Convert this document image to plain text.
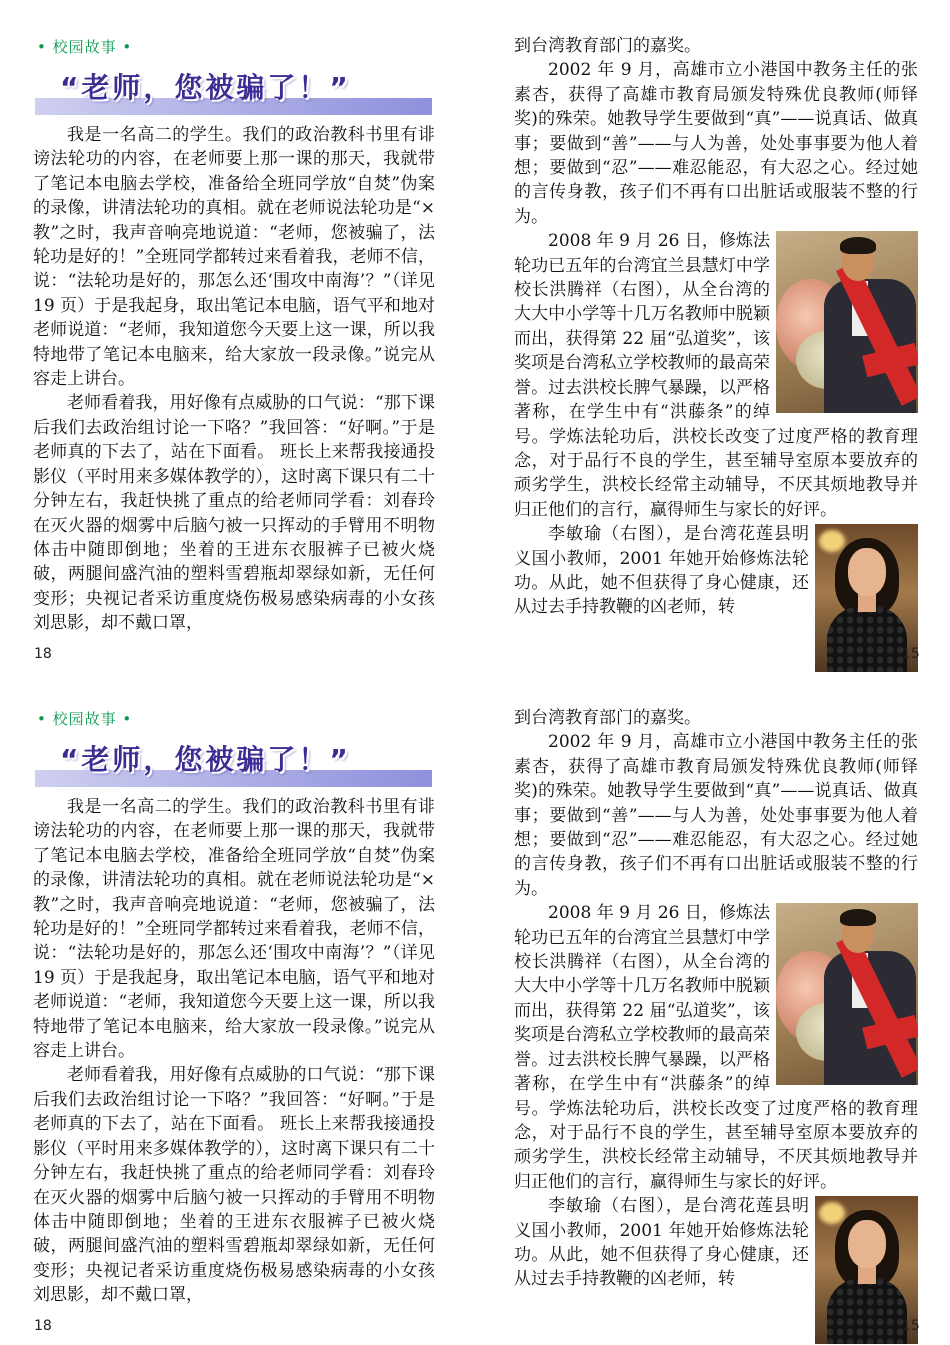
• 校园故事 •
“老师，您被骗了！”

我是一名高二的学生。我们的政治教科书里有诽谤法轮功的内容，在老师要上那一课的那天，我就带了笔记本电脑去学校，准备给全班同学放“自焚”伪案的录像，讲清法轮功的真相。就在老师说法轮功是“×教”之时，我声音响亮地说道：“老师，您被骗了，法轮功是好的！”全班同学都转过来看着我，老师不信，说：“法轮功是好的，那怎么还‘围攻中南海’？”（详见 19 页）于是我起身，取出笔记本电脑，语气平和地对老师说道：“老师，我知道您今天要上这一课，所以我特地带了笔记本电脑来，给大家放一段录像。”说完从容走上讲台。

老师看着我，用好像有点威胁的口气说：“那下课后我们去政治组讨论一下咯？”我回答：“好啊。”于是老师真的下去了，站在下面看。 班长上来帮我接通投影仪（平时用来多媒体教学的），这时离下课只有二十分钟左右，我赶快挑了重点的给老师同学看：刘春玲在灭火器的烟雾中后脑勺被一只挥动的手臂用不明物体击中随即倒地；坐着的王进东衣服裤子已被火烧破，两腿间盛汽油的塑料雪碧瓶却翠绿如新，无任何变形；央视记者采访重度烧伤极易感染病毒的小女孩刘思影，却不戴口罩，

到台湾教育部门的嘉奖。

2002 年 9 月，高雄市立小港国中教务主任的张素杏，获得了高雄市教育局颁发特殊优良教师(师铎奖)的殊荣。她教导学生要做到“真”——说真话、做真事；要做到“善”——与人为善，处处事事要为他人着想；要做到“忍”——难忍能忍，有大忍之心。经过她的言传身教，孩子们不再有口出脏话或服装不整的行为。

2008 年 9 月 26 日，修炼法轮功已五年的台湾宜兰县慧灯中学校长洪腾祥（右图），从全台湾的大大中小学等十几万名教师中脱颖而出，获得第 22 届“弘道奖”，该奖项是台湾私立学校教师的最高荣誉。过去洪校长脾气暴躁，以严格著称，在学生中有“洪藤条”的绰号。学炼法轮功后，洪校长改变了过度严格的教育理念，对于品行不良的学生，甚至辅导室原本要放弃的顽劣学生，洪校长经常主动辅导，不厌其烦地教导并归正他们的言行，赢得师生与家长的好评。

李敏瑜（右图），是台湾花莲县明义国小教师，2001 年她开始修炼法轮功。从此，她不但获得了身心健康，还从过去手持教鞭的凶老师，转

18	15
• 校园故事 •
“老师，您被骗了！”

我是一名高二的学生。我们的政治教科书里有诽谤法轮功的内容，在老师要上那一课的那天，我就带了笔记本电脑去学校，准备给全班同学放“自焚”伪案的录像，讲清法轮功的真相。就在老师说法轮功是“×教”之时，我声音响亮地说道：“老师，您被骗了，法轮功是好的！”全班同学都转过来看着我，老师不信，说：“法轮功是好的，那怎么还‘围攻中南海’？”（详见 19 页）于是我起身，取出笔记本电脑，语气平和地对老师说道：“老师，我知道您今天要上这一课，所以我特地带了笔记本电脑来，给大家放一段录像。”说完从容走上讲台。

老师看着我，用好像有点威胁的口气说：“那下课后我们去政治组讨论一下咯？”我回答：“好啊。”于是老师真的下去了，站在下面看。 班长上来帮我接通投影仪（平时用来多媒体教学的），这时离下课只有二十分钟左右，我赶快挑了重点的给老师同学看：刘春玲在灭火器的烟雾中后脑勺被一只挥动的手臂用不明物体击中随即倒地；坐着的王进东衣服裤子已被火烧破，两腿间盛汽油的塑料雪碧瓶却翠绿如新，无任何变形；央视记者采访重度烧伤极易感染病毒的小女孩刘思影，却不戴口罩，

到台湾教育部门的嘉奖。

2002 年 9 月，高雄市立小港国中教务主任的张素杏，获得了高雄市教育局颁发特殊优良教师(师铎奖)的殊荣。她教导学生要做到“真”——说真话、做真事；要做到“善”——与人为善，处处事事要为他人着想；要做到“忍”——难忍能忍，有大忍之心。经过她的言传身教，孩子们不再有口出脏话或服装不整的行为。

2008 年 9 月 26 日，修炼法轮功已五年的台湾宜兰县慧灯中学校长洪腾祥（右图），从全台湾的大大中小学等十几万名教师中脱颖而出，获得第 22 届“弘道奖”，该奖项是台湾私立学校教师的最高荣誉。过去洪校长脾气暴躁，以严格著称，在学生中有“洪藤条”的绰号。学炼法轮功后，洪校长改变了过度严格的教育理念，对于品行不良的学生，甚至辅导室原本要放弃的顽劣学生，洪校长经常主动辅导，不厌其烦地教导并归正他们的言行，赢得师生与家长的好评。

李敏瑜（右图），是台湾花莲县明义国小教师，2001 年她开始修炼法轮功。从此，她不但获得了身心健康，还从过去手持教鞭的凶老师，转

18	15
